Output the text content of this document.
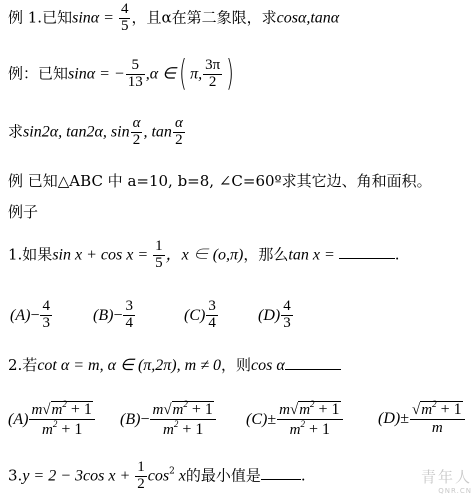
例 1.已知$\sin\alpha = \frac{4}{5}$ ，且α在第二象限，求cosα,tanα
例：已知sinα = − $\frac{5}{13} ,\alpha$ ∈( π, $\frac{3\pi}{2}$ )
求sin2α, tan2α, $\sin \frac{\alpha}{2}$ , $\tan \frac{\alpha}{2}$
例 已知△ABC 中 a=10, b=8, ∠C=60º求其它边、角和面积。
例子
1.如果$\sin x + \cos x = \frac{1}{5}$ ，x ∈ (o,π)，那么tan x =	.
$(A)- \frac{4}{3}$	$(B)- \frac{3}{4}$	$(C) \frac{3}{4}$	$(D) \frac{4}{3}$
2.若cot α = m, α ∈ (π,2π), m ≠ 0，则cos α
$(A) \frac{m√m^2 + 1}{m^2 + 1} (B)- \frac{m√m^2 + 1}{m^2 + 1} (C)\pm \frac{m√m^2 + 1}{m^2 + 1} (D)\pm \frac{√m^2 + 1}{m}$
3.y = 2 − 3cos $x + \frac{1}{2} \cos^2 x$的最小值是	.	青年人
QNR.CN
